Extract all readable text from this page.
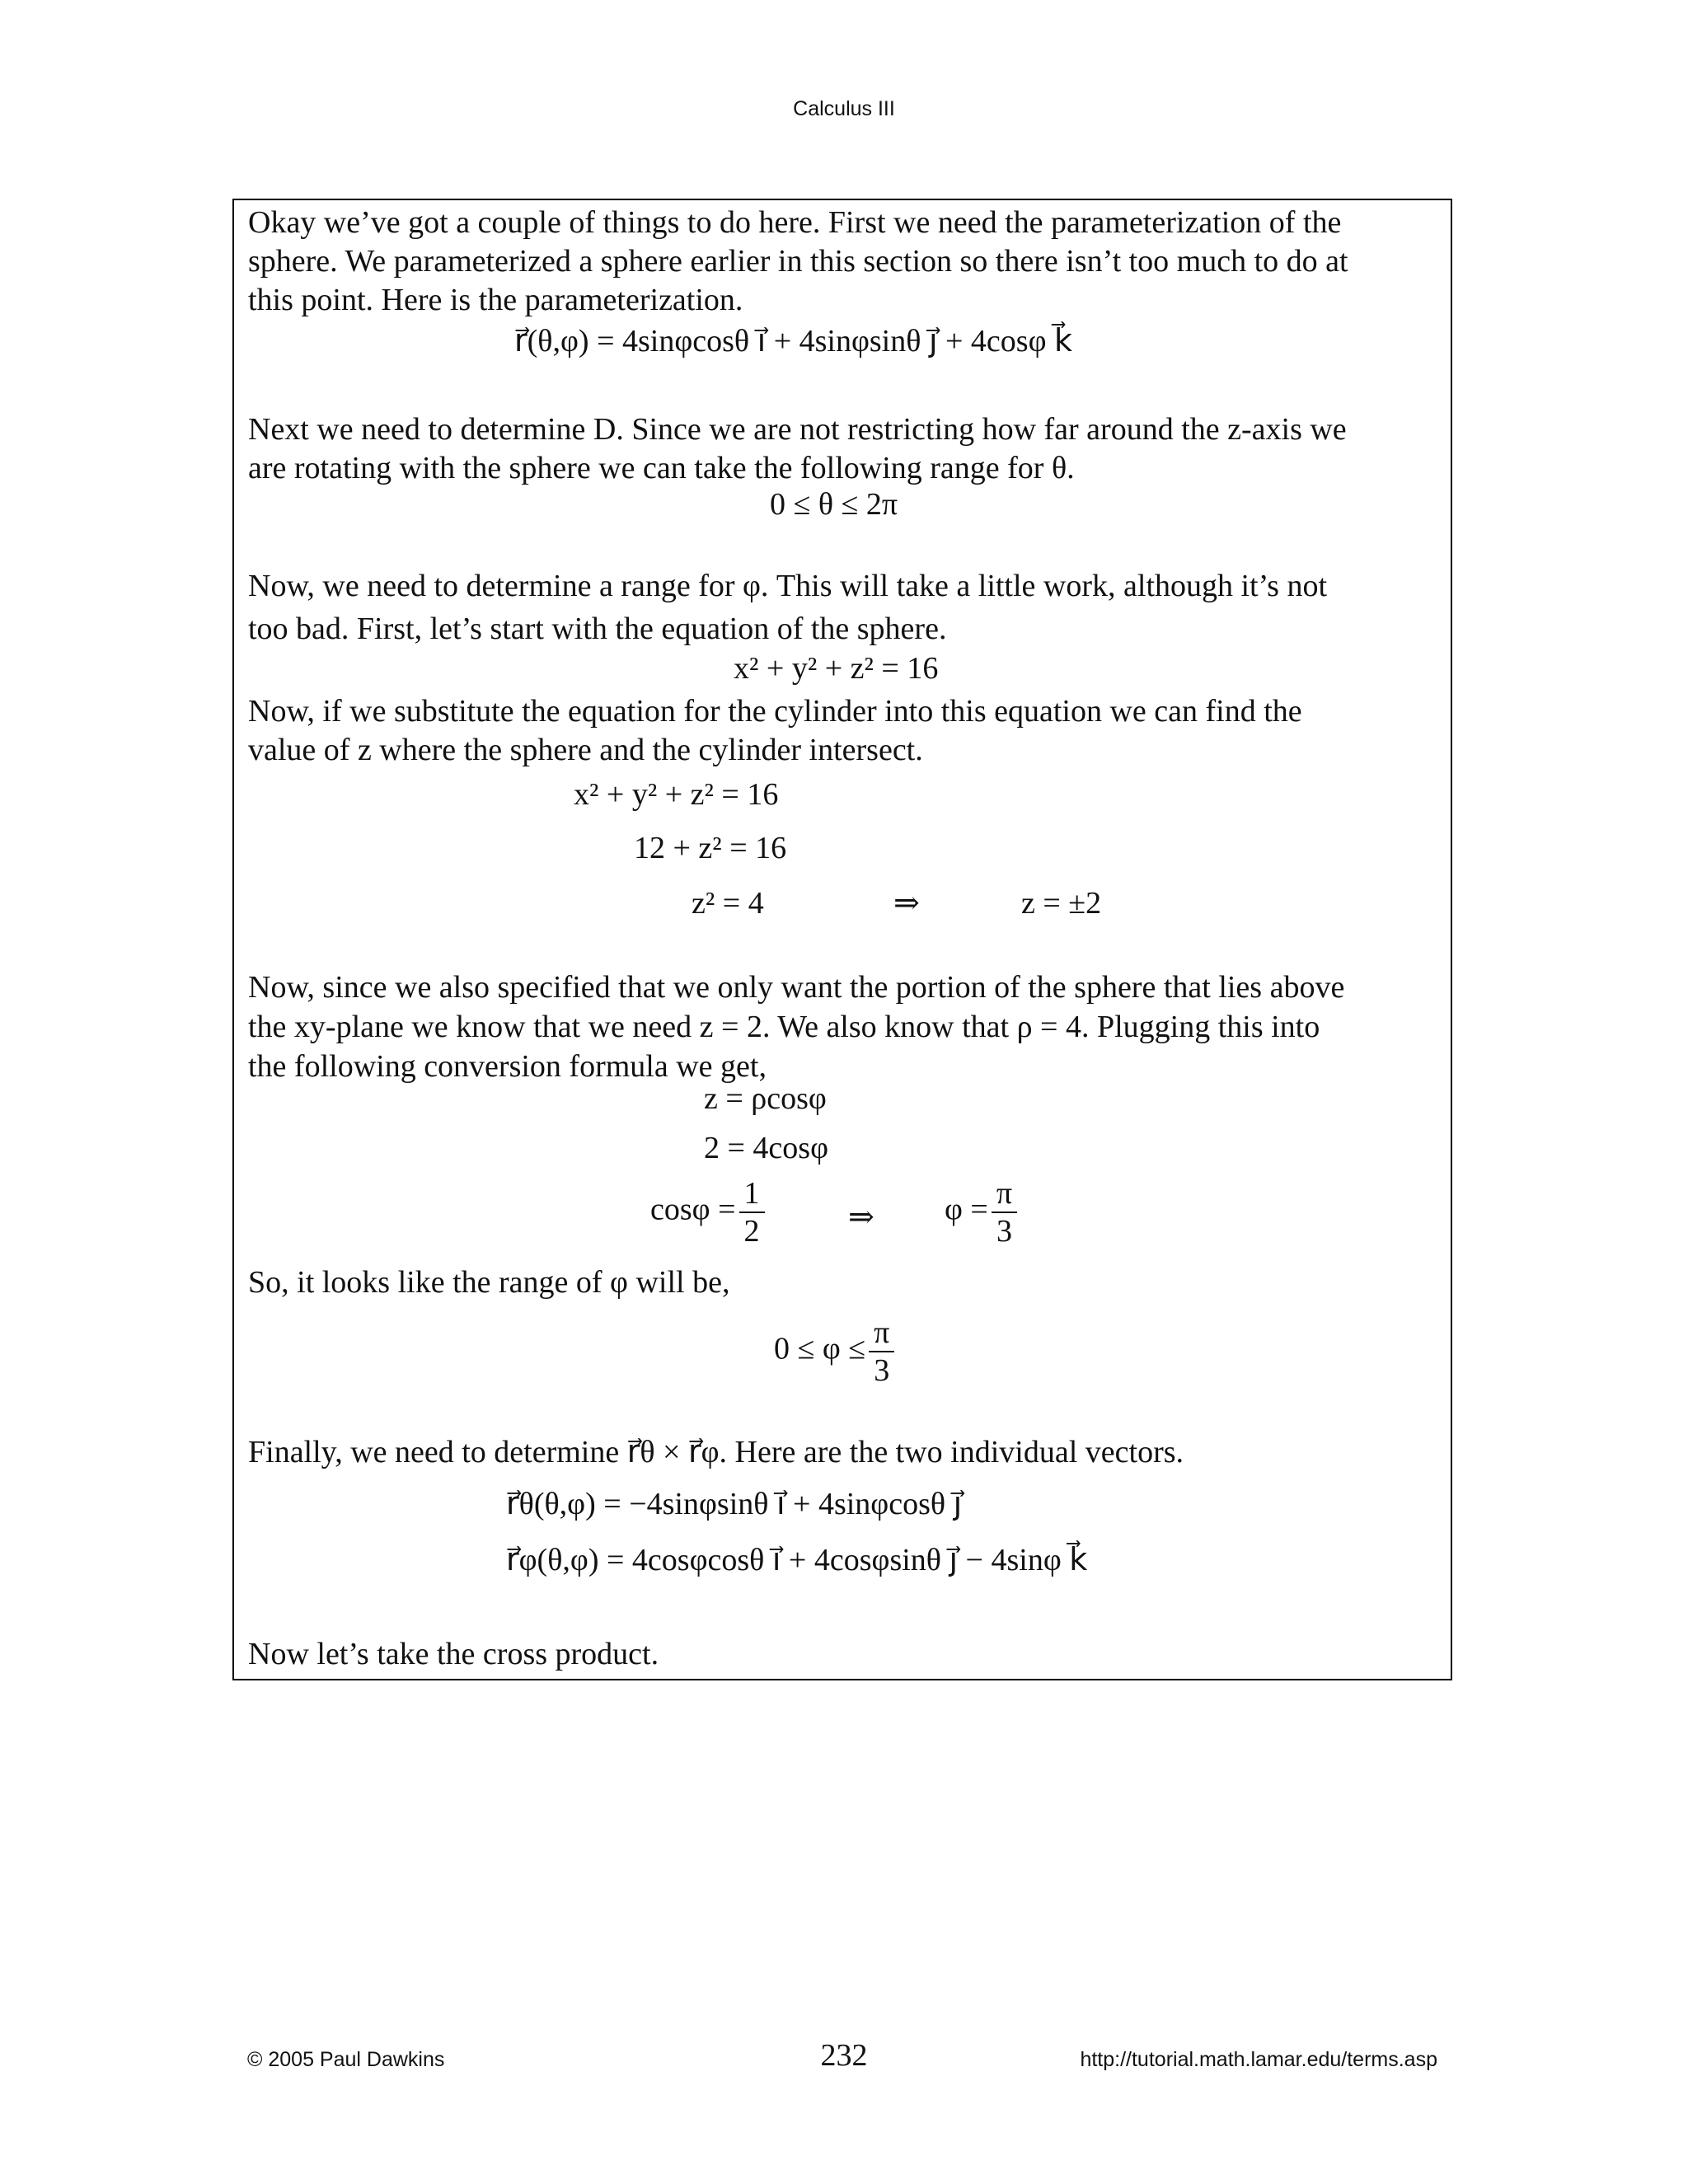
Calculus III
Okay we’ve got a couple of things to do here. First we need the parameterization of the
sphere. We parameterized a sphere earlier in this section so there isn’t too much to do at
this point. Here is the parameterization.
r⃗(θ,φ) = 4sinφcosθ i⃗ + 4sinφsinθ j⃗ + 4cosφ k⃗
Next we need to determine D. Since we are not restricting how far around the z-axis we
are rotating with the sphere we can take the following range for θ.
0 ≤ θ ≤ 2π
Now, we need to determine a range for φ. This will take a little work, although it’s not
too bad. First, let’s start with the equation of the sphere.
x² + y² + z² = 16
Now, if we substitute the equation for the cylinder into this equation we can find the
value of z where the sphere and the cylinder intersect.
x² + y² + z² = 16
12 + z² = 16
z² = 4	⇒	z = ±2
Now, since we also specified that we only want the portion of the sphere that lies above
the xy-plane we know that we need z = 2. We also know that ρ = 4. Plugging this into
the following conversion formula we get,
z = ρcosφ
2 = 4cosφ
$\cos\varphi = \frac{1}{2}$	⇒ $\varphi = \frac{\pi}{3}$
So, it looks like the range of φ will be,
$0 \le \varphi \le \frac{\pi}{3}$
Finally, we need to determine r⃗θ × r⃗φ. Here are the two individual vectors.
r⃗θ(θ,φ) = −4sinφsinθ i⃗ + 4sinφcosθ j⃗
r⃗φ(θ,φ) = 4cosφcosθ i⃗ + 4cosφsinθ j⃗ − 4sinφ k⃗
Now let’s take the cross product.
© 2005 Paul Dawkins	232	http://tutorial.math.lamar.edu/terms.asp
